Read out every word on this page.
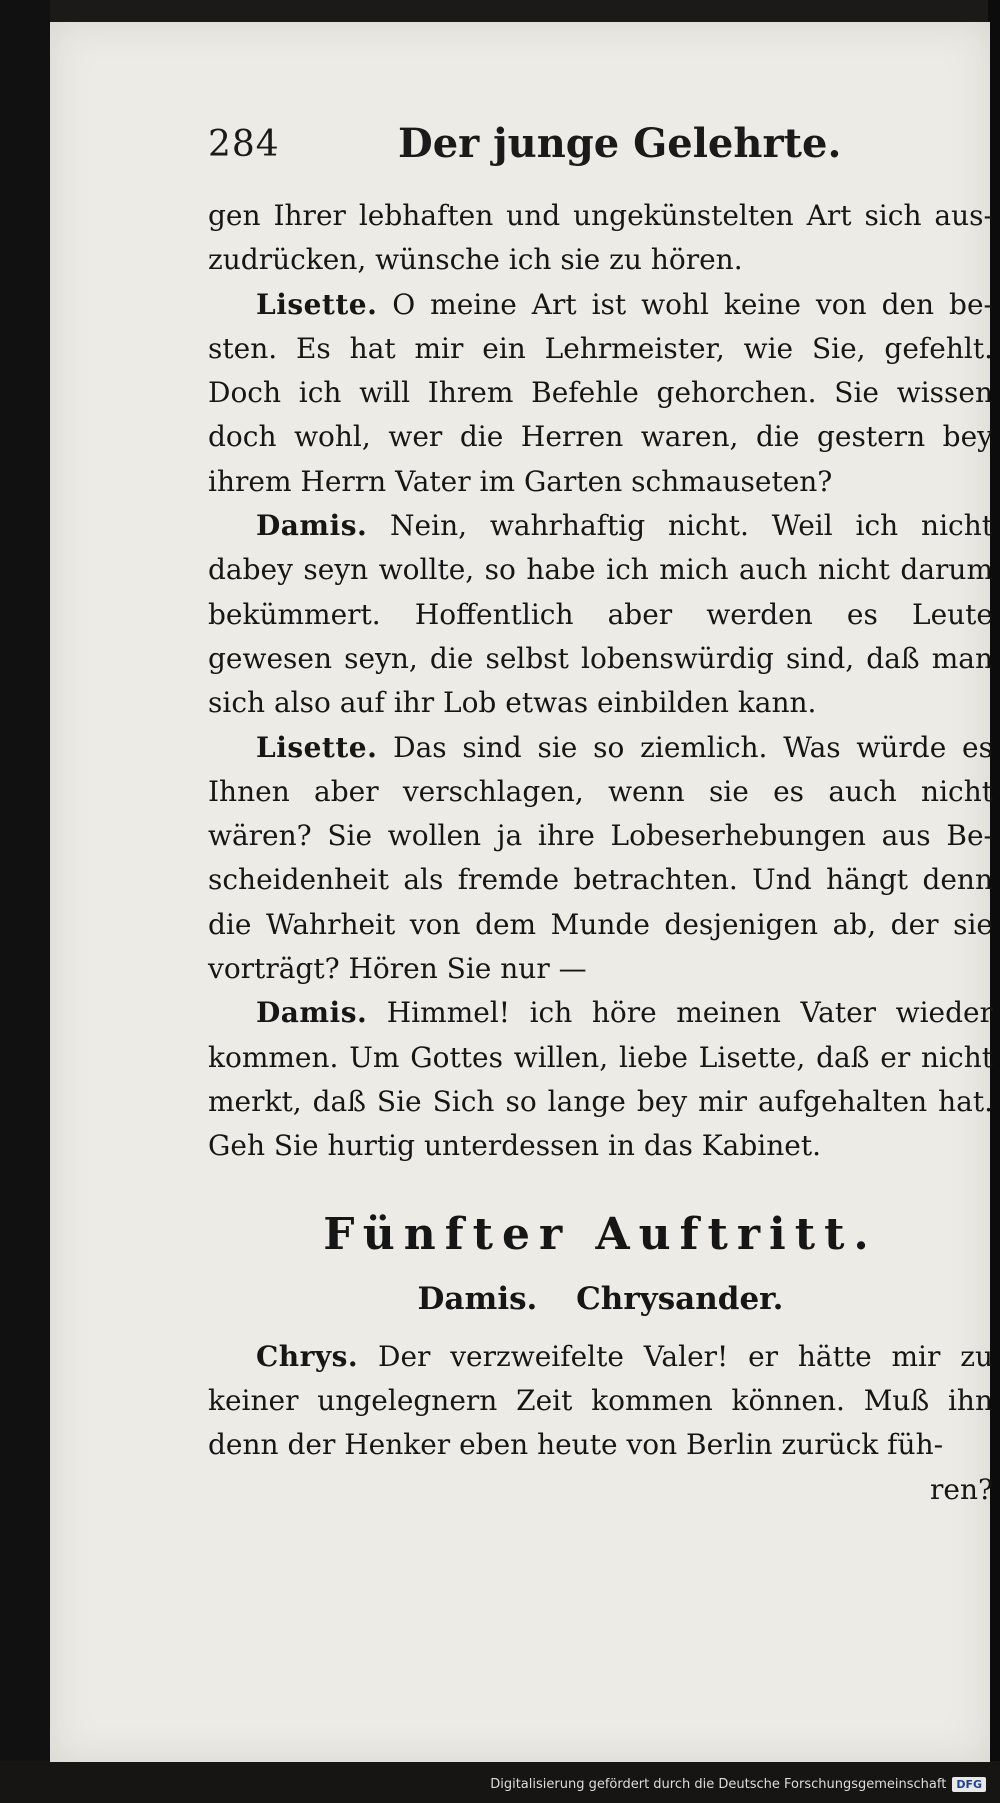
284	Der junge Gelehrte.

gen Ihrer lebhaften und ungekünstelten Art sich auszudrücken, wünsche ich sie zu hören.

Lisette. O meine Art ist wohl keine von den besten. Es hat mir ein Lehrmeister, wie Sie, gefehlt. Doch ich will Ihrem Befehle gehorchen. Sie wissen doch wohl, wer die Herren waren, die gestern bey ihrem Herrn Vater im Garten schmauseten?

Damis. Nein, wahrhaftig nicht. Weil ich nicht dabey seyn wollte, so habe ich mich auch nicht darum bekümmert. Hoffentlich aber werden es Leute gewesen seyn, die selbst lobenswürdig sind, daß man sich also auf ihr Lob etwas einbilden kann.

Lisette. Das sind sie so ziemlich. Was würde es Ihnen aber verschlagen, wenn sie es auch nicht wären? Sie wollen ja ihre Lobeserhebungen aus Bescheidenheit als fremde betrachten. Und hängt denn die Wahrheit von dem Munde desjenigen ab, der sie vorträgt? Hören Sie nur —

Damis. Himmel! ich höre meinen Vater wieder kommen. Um Gottes willen, liebe Lisette, daß er nicht merkt, daß Sie Sich so lange bey mir aufgehalten hat. Geh Sie hurtig unterdessen in das Kabinet.

Fünfter Auftritt.
Damis. Chrysander.

Chrys. Der verzweifelte Valer! er hätte mir zu keiner ungelegnern Zeit kommen können. Muß ihn denn der Henker eben heute von Berlin zurück füh-

ren?

Digitalisierung gefördert durch die Deutsche Forschungsgemeinschaft DFG
